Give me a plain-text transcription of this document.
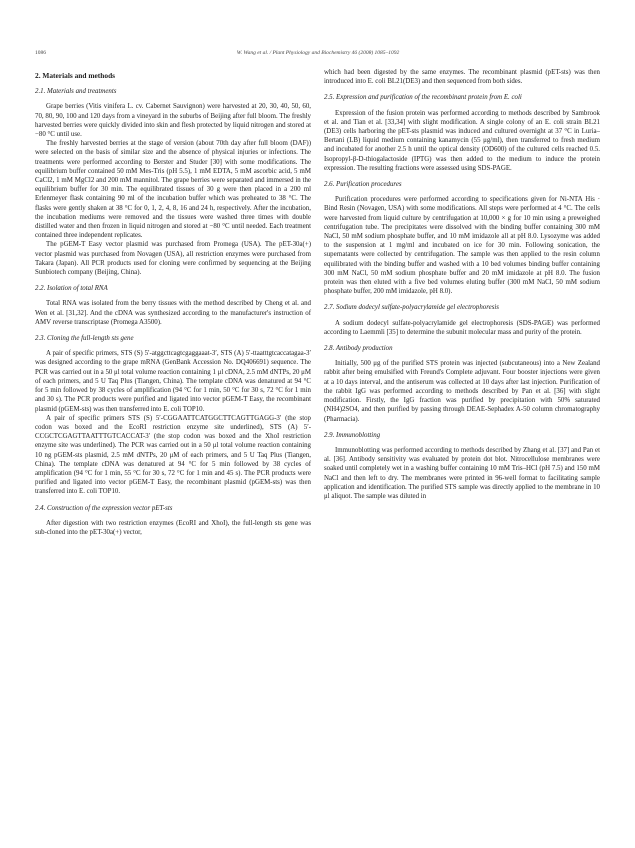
1086	W. Wang et al. / Plant Physiology and Biochemistry 46 (2008) 1085–1092
2. Materials and methods
2.1. Materials and treatments

Grape berries (Vitis vinifera L. cv. Cabernet Sauvignon) were harvested at 20, 30, 40, 50, 60, 70, 80, 90, 100 and 120 days from a vineyard in the suburbs of Beijing after full bloom. The freshly harvested berries were quickly divided into skin and flesh protected by liquid nitrogen and stored at −80 °C until use.

The freshly harvested berries at the stage of version (about 70th day after full bloom (DAF)) were selected on the basis of similar size and the absence of physical injuries or infections. The treatments were performed according to Berster and Studer [30] with some modifications. The equilibrium buffer contained 50 mM Mes-Tris (pH 5.5), 1 mM EDTA, 5 mM ascorbic acid, 5 mM CaCl2, 1 mM MgCl2 and 200 mM mannitol. The grape berries were separated and immersed in the equilibrium buffer for 30 min. The equilibrated tissues of 30 g were then placed in a 200 ml Erlenmeyer flask containing 90 ml of the incubation buffer which was preheated to 38 °C. The flasks were gently shaken at 38 °C for 0, 1, 2, 4, 8, 16 and 24 h, respectively. After the incubation, the incubation mediums were removed and the tissues were washed three times with double distilled water and then frozen in liquid nitrogen and stored at −80 °C until needed. Each treatment contained three independent replicates.

The pGEM-T Easy vector plasmid was purchased from Promega (USA). The pET-30a(+) vector plasmid was purchased from Novagen (USA), all restriction enzymes were purchased from Takara (Japan). All PCR products used for cloning were confirmed by sequencing at the Beijing Sunbiotech company (Beijing, China).

2.2. Isolation of total RNA

Total RNA was isolated from the berry tissues with the method described by Cheng et al. and Wen et al. [31,32]. And the cDNA was synthesized according to the manufacturer's instruction of AMV reverse transcriptase (Promega A3500).

2.3. Cloning the full-length sts gene

A pair of specific primers, STS (S) 5′-atggcttcagtcgaggaaat-3′, STS (A) 5′-ttaatttgtcaccatagaa-3′ was designed according to the grape mRNA (GenBank Accession No. DQ406691) sequence. The PCR was carried out in a 50 μl total volume reaction containing 1 μl cDNA, 2.5 mM dNTPs, 20 μM of each primers, and 5 U Taq Plus (Tiangen, China). The template cDNA was denatured at 94 °C for 5 min followed by 38 cycles of amplification (94 °C for 1 min, 50 °C for 30 s, 72 °C for 1 min and 30 s). The PCR products were purified and ligated into vector pGEM-T Easy, the recombinant plasmid (pGEM-sts) was then transferred into E. coli TOP10.

A pair of specific primers STS (S) 5′-CGGAATTCATGGCTTCAGTTGAGG-3′ (the stop codon was boxed and the EcoRI restriction enzyme site underlined), STS (A) 5′-CCGCTCGAGTTAATTTGTCACCAT-3′ (the stop codon was boxed and the XhoI restriction enzyme site was underlined). The PCR was carried out in a 50 μl total volume reaction containing 10 ng pGEM-sts plasmid, 2.5 mM dNTPs, 20 μM of each primers, and 5 U Taq Plus (Tiangen, China). The template cDNA was denatured at 94 °C for 5 min followed by 38 cycles of amplification (94 °C for 1 min, 55 °C for 30 s, 72 °C for 1 min and 45 s). The PCR products were purified and ligated into vector pGEM-T Easy, the recombinant plasmid (pGEM-sts) was then transferred into E. coli TOP10.

2.4. Construction of the expression vector pET-sts

After digestion with two restriction enzymes (EcoRI and XhoI), the full-length sts gene was sub-cloned into the pET-30a(+) vector,

which had been digested by the same enzymes. The recombinant plasmid (pET-sts) was then introduced into E. coli BL21(DE3) and then sequenced from both sides.

2.5. Expression and purification of the recombinant protein from E. coli

Expression of the fusion protein was performed according to methods described by Sambrook et al. and Tian et al. [33,34] with slight modification. A single colony of an E. coli strain BL21 (DE3) cells harboring the pET-sts plasmid was induced and cultured overnight at 37 °C in Luria–Bertani (LB) liquid medium containing kanamycin (55 μg/ml), then transferred to fresh medium and incubated for another 2.5 h until the optical density (OD600) of the cultured cells reached 0.5. Isopropyl-β-D-thiogalactoside (IPTG) was then added to the medium to induce the protein expression. The resulting fractions were assessed using SDS-PAGE.

2.6. Purification procedures

Purification procedures were performed according to specifications given for Ni-NTA His · Bind Resin (Novagen, USA) with some modifications. All steps were performed at 4 °C. The cells were harvested from liquid culture by centrifugation at 10,000 × g for 10 min using a preweighed centrifugation tube. The precipitates were dissolved with the binding buffer containing 300 mM NaCl, 50 mM sodium phosphate buffer, and 10 mM imidazole all at pH 8.0. Lysozyme was added to the suspension at 1 mg/ml and incubated on ice for 30 min. Following sonication, the supernatants were collected by centrifugation. The sample was then applied to the resin column equilibrated with the binding buffer and washed with a 10 bed volumes binding buffer containing 300 mM NaCl, 50 mM sodium phosphate buffer and 20 mM imidazole at pH 8.0. The fusion protein was then eluted with a five bed volumes eluting buffer (300 mM NaCl, 50 mM sodium phosphate buffer, 200 mM imidazole, pH 8.0).

2.7. Sodium dodecyl sulfate-polyacrylamide gel electrophoresis

A sodium dodecyl sulfate-polyacrylamide gel electrophoresis (SDS-PAGE) was performed according to Laemmli [35] to determine the subunit molecular mass and purity of the protein.

2.8. Antibody production

Initially, 500 μg of the purified STS protein was injected (subcutaneous) into a New Zealand rabbit after being emulsified with Freund's Complete adjuvant. Four booster injections were given at a 10 days interval, and the antiserum was collected at 10 days after last injection. Purification of the rabbit IgG was performed according to methods described by Pan et al. [36] with slight modification. Firstly, the IgG fraction was purified by precipitation with 50% saturated (NH4)2SO4, and then purified by passing through DEAE-Sephadex A-50 column chromatography (Pharmacia).

2.9. Immunoblotting

Immunoblotting was performed according to methods described by Zhang et al. [37] and Pan et al. [36]. Antibody sensitivity was evaluated by protein dot blot. Nitrocellulose membranes were soaked until completely wet in a washing buffer containing 10 mM Tris–HCl (pH 7.5) and 150 mM NaCl and then left to dry. The membranes were printed in 96-well format to facilitating sample application and identification. The purified STS sample was directly applied to the membrane in 10 μl aliquot. The sample was diluted in
